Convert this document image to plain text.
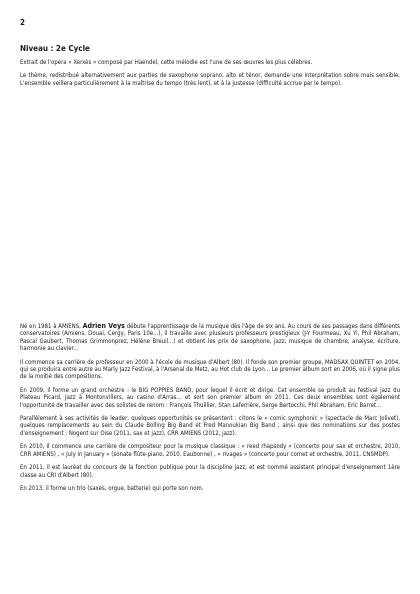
2
Niveau : 2e Cycle

Extrait de l'opéra « Xerxès » composé par Haendel, cette mélodie est l'une de ses œuvres les plus célèbres.

Le thème, redistribué alternativement aux parties de saxophone soprano, alto et ténor, demande une interprétation sobre mais sensible. L'ensemble veillera particulièrement à la maîtrise du tempo (très lent), et à la justesse (difficulté accrue par le tempo).

Né en 1981 à AMIENS, Adrien Veys débute l'apprentissage de la musique dès l'âge de six ans. Au cours de ses passages dans différents conservatoires (Amiens, Douai, Cergy, Paris 10e...), il travaille avec plusieurs professeurs prestigieux (J-Y Fourmeau, Xu Yi, Phil Abraham, Pascal Gaubert, Thomas Grimmonprez, Hélène Breuil...) et obtient les prix de saxophone, jazz, musique de chambre, analyse, écriture, harmonie au clavier...

Il commence sa carrière de professeur en 2000 à l'école de musique d'Albert (80). Il fonde son premier groupe, MADSAX QUINTET en 2004, qui se produira entre autre au Marly Jazz Festival, à l'Arsenal de Metz, au Hot club de Lyon... Le premier album sort en 2006, où il signe plus de la moitié des compositions.

En 2009, il forme un grand orchestre : le BIG POPPIES BAND, pour lequel il écrit et dirige. Cet ensemble se produit au festival jazz du Plateau Picard, Jazz à Montonvillers, au casino d'Arras... et sort son premier album en 2011. Ces deux ensembles sont également l'opportunité de travailler avec des solistes de renom : François Thuillier, Stan Laferrière, Serge Bertocchi, Phil Abraham, Eric Barret...

Parallèlement à ses activités de leader, quelques opportunités se présentent : citons le « comic symphonic » (spectacle de Marc Jolivet), quelques remplacements au sein du Claude Bolling Big Band et Fred Manoukian Big Band ; ainsi que des nominations sur des postes d'enseignement : Nogent sur Oise (2011, sax et jazz), CRR AMIENS (2012, jazz).

En 2010, il commence une carrière de compositeur pour la musique classique : « reed rhapsody » (concerto pour sax et orchestre, 2010, CRR AMIENS) , « July in January » (sonate flûte-piano, 2010, Eaubonne) , « rivages » (concerto pour cornet et orchestre, 2011, CNSMDP).

En 2011, il est lauréat du concours de la fonction publique pour la discipline jazz, et est nommé assistant principal d'enseignement 1ère classe au CRI d'Albert (80).

En 2013, il forme un trio (saxes, orgue, batterie) qui porte son nom.
